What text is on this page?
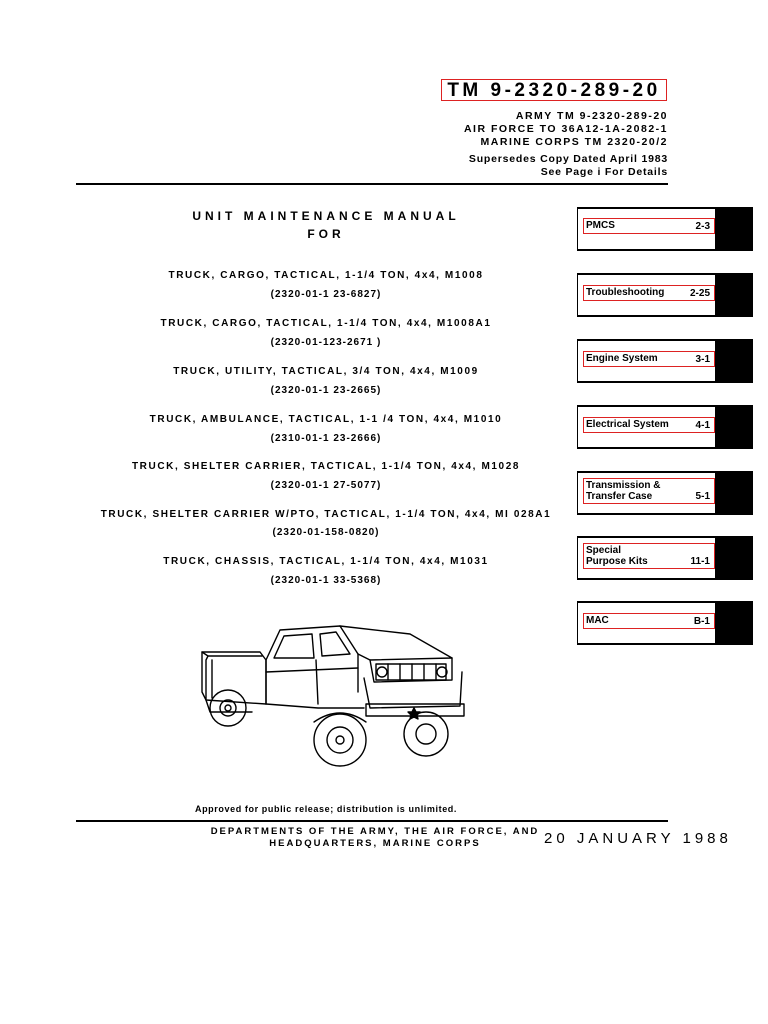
TM 9-2320-289-20
ARMY TM 9-2320-289-20
AIR FORCE TO 36A12-1A-2082-1
MARINE CORPS TM 2320-20/2
Supersedes Copy Dated April 1983
See Page i For Details
UNIT MAINTENANCE MANUAL
FOR
TRUCK, CARGO, TACTICAL, 1-1/4 TON, 4x4, M1008
(2320-01-1 23-6827)
TRUCK, CARGO, TACTICAL, 1-1/4 TON, 4x4, M1008A1
(2320-01-123-2671 )
TRUCK, UTILITY, TACTICAL, 3/4 TON, 4x4, M1009
(2320-01-1 23-2665)
TRUCK, AMBULANCE, TACTICAL, 1-1 /4 TON, 4x4, M1010
(2310-01-1 23-2666)
TRUCK, SHELTER CARRIER, TACTICAL, 1-1/4 TON, 4x4, M1028
(2320-01-1 27-5077)
TRUCK, SHELTER CARRIER W/PTO, TACTICAL, 1-1/4 TON, 4x4, MI 028A1
(2320-01-158-0820)
TRUCK, CHASSIS, TACTICAL, 1-1/4 TON, 4x4, M1031
(2320-01-1 33-5368)
PMCS	2-3
Troubleshooting	2-25
Engine System	3-1
Electrical System	4-1
Transmission &
Transfer Case	5-1
Special
Purpose Kits	11-1
MAC	B-1
Approved for public release; distribution is unlimited.
DEPARTMENTS OF THE ARMY, THE AIR FORCE, AND
HEADQUARTERS, MARINE CORPS	20 JANUARY 1988
